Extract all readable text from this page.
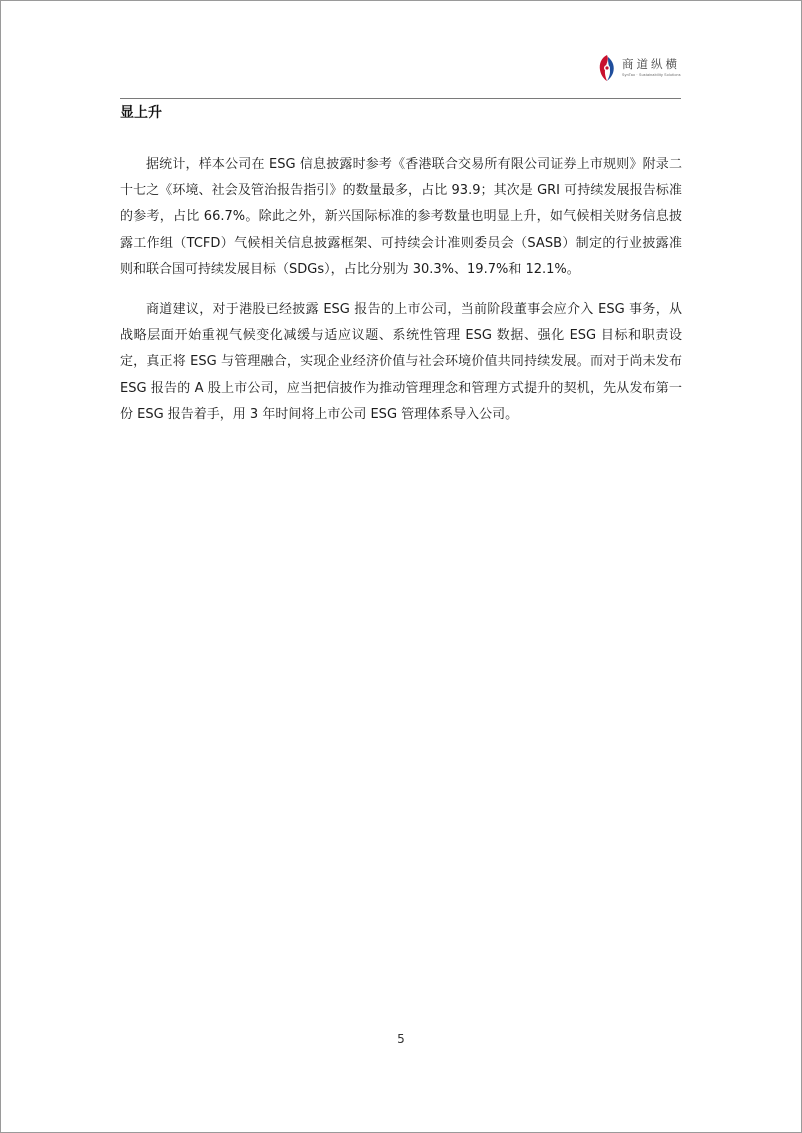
商道纵横
SynTao · Sustainability Solutions
显上升

据统计，样本公司在 ESG 信息披露时参考《香港联合交易所有限公司证券上市规则》附录二十七之《环境、社会及管治报告指引》的数量最多，占比 93.9；其次是 GRI 可持续发展报告标准的参考，占比 66.7%。除此之外，新兴国际标准的参考数量也明显上升，如气候相关财务信息披露工作组（TCFD）气候相关信息披露框架、可持续会计准则委员会（SASB）制定的行业披露准则和联合国可持续发展目标（SDGs），占比分别为 30.3%、19.7%和 12.1%。

商道建议，对于港股已经披露 ESG 报告的上市公司，当前阶段董事会应介入 ESG 事务，从战略层面开始重视气候变化减缓与适应议题、系统性管理 ESG 数据、强化 ESG 目标和职责设定，真正将 ESG 与管理融合，实现企业经济价值与社会环境价值共同持续发展。而对于尚未发布 ESG 报告的 A 股上市公司，应当把信披作为推动管理理念和管理方式提升的契机，先从发布第一份 ESG 报告着手，用 3 年时间将上市公司 ESG 管理体系导入公司。

5
